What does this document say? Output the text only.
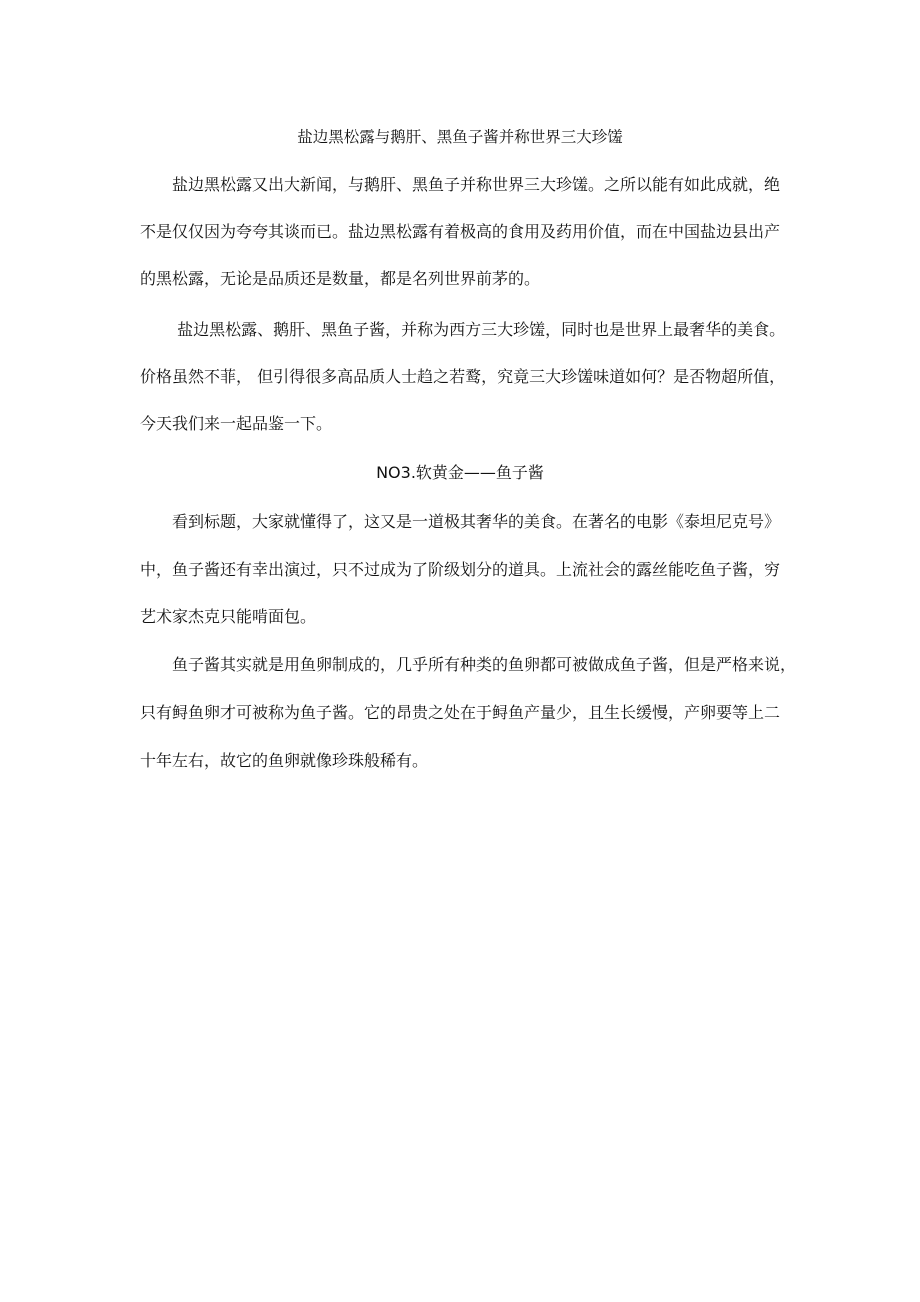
盐边黑松露与鹅肝、黑鱼子酱并称世界三大珍馐
　　盐边黑松露又出大新闻，与鹅肝、黑鱼子并称世界三大珍馐。之所以能有如此成就，绝
不是仅仅因为夸夸其谈而已。盐边黑松露有着极高的食用及药用价值，而在中国盐边县出产
的黑松露，无论是品质还是数量，都是名列世界前茅的。
　　 盐边黑松露、鹅肝、黑鱼子酱，并称为西方三大珍馐，同时也是世界上最奢华的美食。
价格虽然不菲， 但引得很多高品质人士趋之若鹜，究竟三大珍馐味道如何？是否物超所值，
今天我们来一起品鉴一下。
NO3.软黄金——鱼子酱
　　看到标题，大家就懂得了，这又是一道极其奢华的美食。在著名的电影《泰坦尼克号》
中，鱼子酱还有幸出演过，只不过成为了阶级划分的道具。上流社会的露丝能吃鱼子酱，穷
艺术家杰克只能啃面包。
　　鱼子酱其实就是用鱼卵制成的，几乎所有种类的鱼卵都可被做成鱼子酱，但是严格来说，
只有鲟鱼卵才可被称为鱼子酱。它的昂贵之处在于鲟鱼产量少，且生长缓慢，产卵要等上二
十年左右，故它的鱼卵就像珍珠般稀有。
